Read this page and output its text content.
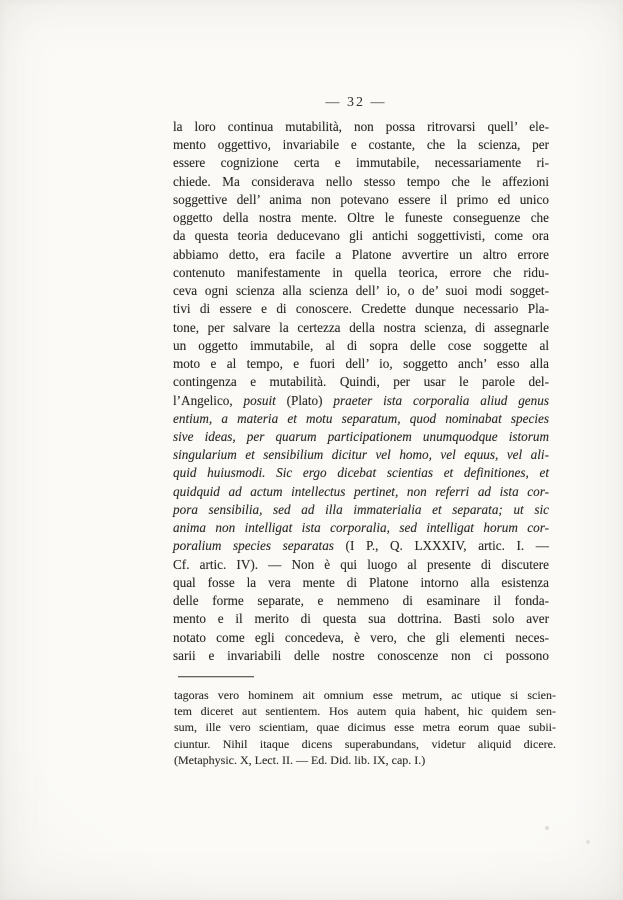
— 32 —
la loro continua mutabilità, non possa ritrovarsi quell’ ele-
mento oggettivo, invariabile e costante, che la scienza, per
essere cognizione certa e immutabile, necessariamente ri-
chiede. Ma considerava nello stesso tempo che le affezioni
soggettive dell’ anima non potevano essere il primo ed unico
oggetto della nostra mente. Oltre le funeste conseguenze che
da questa teoria deducevano gli antichi soggettivisti, come ora
abbiamo detto, era facile a Platone avvertire un altro errore
contenuto manifestamente in quella teorica, errore che ridu-
ceva ogni scienza alla scienza dell’ io, o de’ suoi modi sogget-
tivi di essere e di conoscere. Credette dunque necessario Pla-
tone, per salvare la certezza della nostra scienza, di assegnarle
un oggetto immutabile, al di sopra delle cose soggette al
moto e al tempo, e fuori dell’ io, soggetto anch’ esso alla
contingenza e mutabilità. Quindi, per usar le parole del-
l’Angelico, posuit (Plato) praeter ista corporalia aliud genus
entium, a materia et motu separatum, quod nominabat species
sive ideas, per quarum participationem unumquodque istorum
singularium et sensibilium dicitur vel homo, vel equus, vel ali-
quid huiusmodi. Sic ergo dicebat scientias et definitiones, et
quidquid ad actum intellectus pertinet, non referri ad ista cor-
pora sensibilia, sed ad illa immaterialia et separata; ut sic
anima non intelligat ista corporalia, sed intelligat horum cor-
poralium species separatas (I P., Q. LXXXIV, artic. I. —
Cf. artic. IV). — Non è qui luogo al presente di discutere
qual fosse la vera mente di Platone intorno alla esistenza
delle forme separate, e nemmeno di esaminare il fonda-
mento e il merito di questa sua dottrina. Basti solo aver
notato come egli concedeva, è vero, che gli elementi neces-
sarii e invariabili delle nostre conoscenze non ci possono
tagoras vero hominem ait omnium esse metrum, ac utique si scien-
tem diceret aut sentientem. Hos autem quia habent, hic quidem sen-
sum, ille vero scientiam, quae dicimus esse metra eorum quae subii-
ciuntur. Nihil itaque dicens superabundans, videtur aliquid dicere.
(Metaphysic. X, Lect. II. — Ed. Did. lib. IX, cap. I.)
